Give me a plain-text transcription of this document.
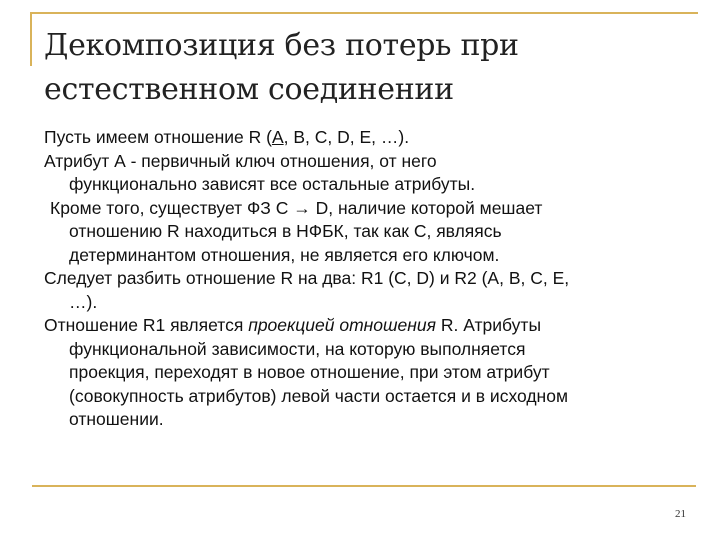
Декомпозиция без потерь при
естественном соединении
Пусть имеем отношение R (А, В, С, D, E, …).
Атрибут А - первичный ключ отношения, от него
функционально зависят все остальные атрибуты.
Кроме того, существует ФЗ С → D, наличие которой мешает
отношению R находиться в НФБК, так как С, являясь
детерминантом отношения, не является его ключом.
Следует разбить отношение R на два: R1 (С, D) и R2 (А, В, С, Е,
…).
Отношение R1 является проекцией отношения R. Атрибуты
функциональной зависимости, на которую выполняется
проекция, переходят в новое отношение, при этом атрибут
(совокупность атрибутов) левой части остается и в исходном
отношении.
21
